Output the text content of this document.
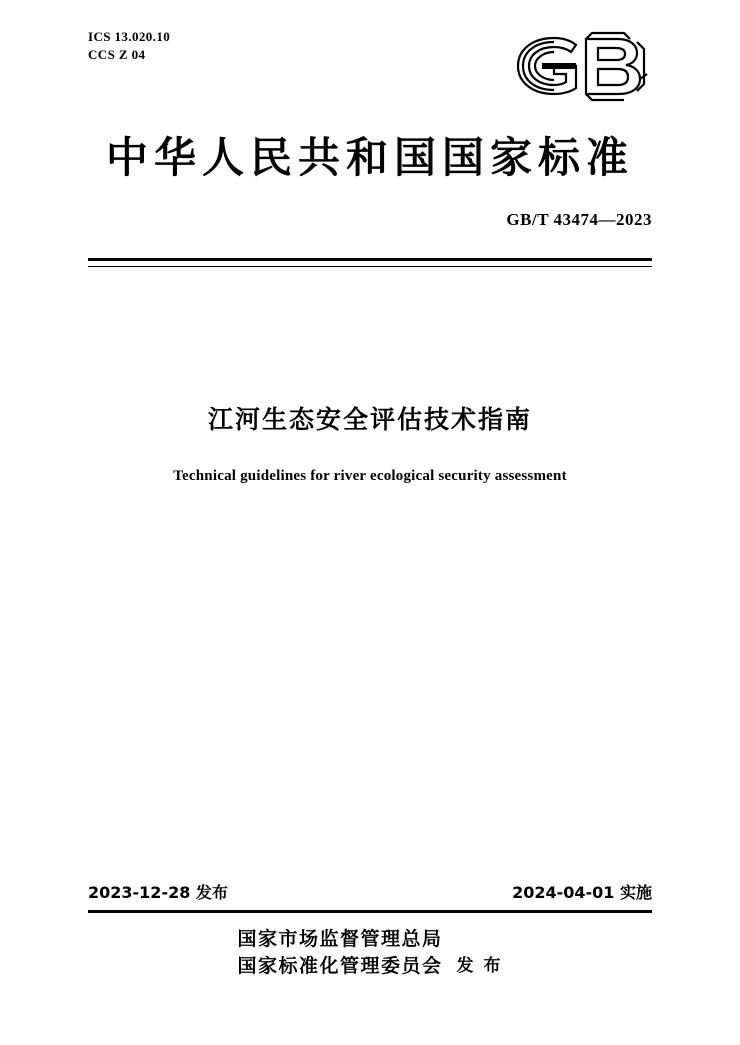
ICS 13.020.10
CCS Z 04
中华人民共和国国家标准
GB/T 43474—2023
江河生态安全评估技术指南
Technical guidelines for river ecological security assessment
2023-12-28 发布	2024-04-01 实施
国家市场监督管理总局
国家标准化管理委员会 发 布
